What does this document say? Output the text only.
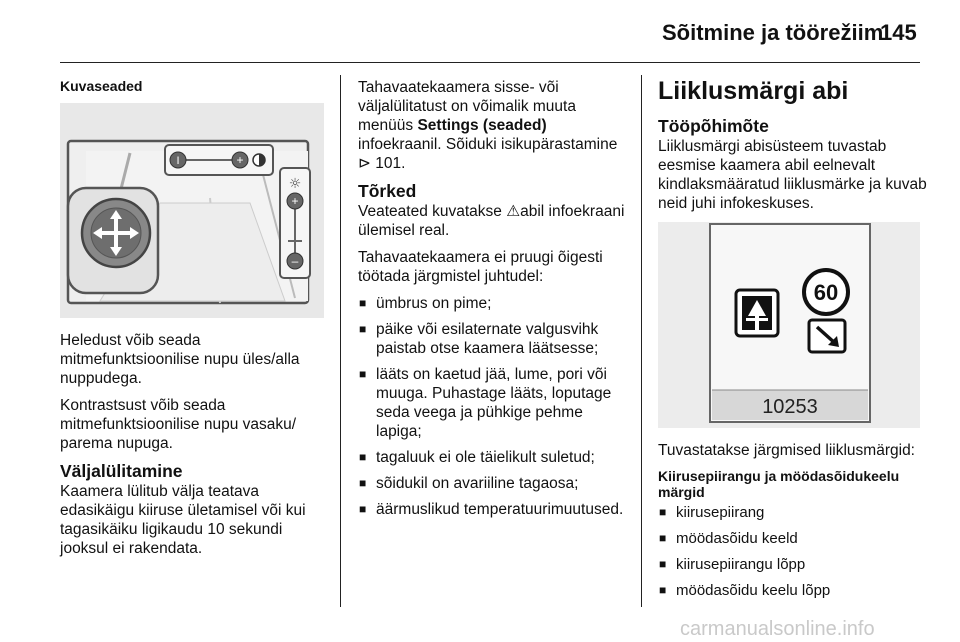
Sõitmine ja töörežiim
145
Kuvaseaded
I	+
☼
+
–

Heledust võib seada mitmefunktsioonilise nupu üles/alla nuppudega.

Kontrastsust võib seada mitmefunktsioonilise nupu vasaku/ parema nupuga.

Väljalülitamine

Kaamera lülitub välja teatava edasikäigu kiiruse ületamisel või kui tagasikäiku ligikaudu 10 sekundi jooksul ei rakendata.

Tahavaatekaamera sisse- või väljalülitatust on võimalik muuta menüüs Settings (seaded) infoekraanil. Sõiduki isikupärastamine ⊳ 101.

Tõrked

Veateated kuvatakse ⚠abil infoekraani ülemisel real.

Tahavaatekaamera ei pruugi õigesti töötada järgmistel juhtudel:

■ ümbrus on pime;
■ päike või esilaternate valgusvihk paistab otse kaamera läätsesse;
■ lääts on kaetud jää, lume, pori või muuga. Puhastage lääts, loputage seda veega ja pühkige pehme lapiga;
■ tagaluuk ei ole täielikult suletud;
■ sõidukil on avariiline tagaosa;
■ äärmuslikud temperatuurimuutused.
Liiklusmärgi abi
Tööpõhimõte

Liiklusmärgi abisüsteem tuvastab eesmise kaamera abil eelnevalt kindlaksmääratud liiklusmärke ja kuvab neid juhi infokeskuses.

60
10253

Tuvastatakse järgmised liiklusmärgid:

Kiirusepiirangu ja möödasõidukeelu märgid
■ kiirusepiirang
■ möödasõidu keeld
■ kiirusepiirangu lõpp
■ möödasõidu keelu lõpp
carmanualsonline.info
